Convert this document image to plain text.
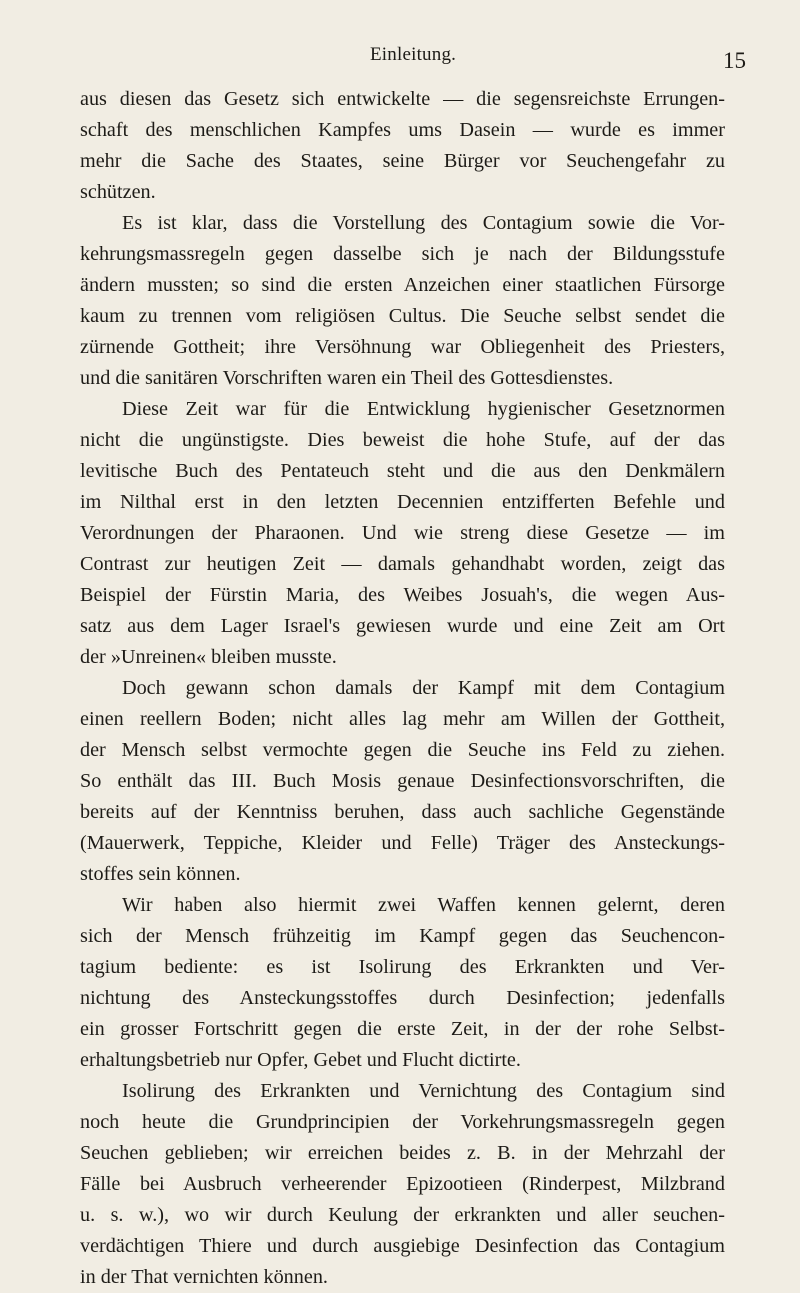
Einleitung.	15
aus diesen das Gesetz sich entwickelte — die segensreichste Errungen-
schaft des menschlichen Kampfes ums Dasein — wurde es immer
mehr die Sache des Staates, seine Bürger vor Seuchengefahr zu
schützen.
Es ist klar, dass die Vorstellung des Contagium sowie die Vor-
kehrungsmassregeln gegen dasselbe sich je nach der Bildungsstufe
ändern mussten; so sind die ersten Anzeichen einer staatlichen Fürsorge
kaum zu trennen vom religiösen Cultus. Die Seuche selbst sendet die
zürnende Gottheit; ihre Versöhnung war Obliegenheit des Priesters,
und die sanitären Vorschriften waren ein Theil des Gottesdienstes.
Diese Zeit war für die Entwicklung hygienischer Gesetznormen
nicht die ungünstigste. Dies beweist die hohe Stufe, auf der das
levitische Buch des Pentateuch steht und die aus den Denkmälern
im Nilthal erst in den letzten Decennien entzifferten Befehle und
Verordnungen der Pharaonen. Und wie streng diese Gesetze — im
Contrast zur heutigen Zeit — damals gehandhabt worden, zeigt das
Beispiel der Fürstin Maria, des Weibes Josuah's, die wegen Aus-
satz aus dem Lager Israel's gewiesen wurde und eine Zeit am Ort
der »Unreinen« bleiben musste.
Doch gewann schon damals der Kampf mit dem Contagium
einen reellern Boden; nicht alles lag mehr am Willen der Gottheit,
der Mensch selbst vermochte gegen die Seuche ins Feld zu ziehen.
So enthält das III. Buch Mosis genaue Desinfectionsvorschriften, die
bereits auf der Kenntniss beruhen, dass auch sachliche Gegenstände
(Mauerwerk, Teppiche, Kleider und Felle) Träger des Ansteckungs-
stoffes sein können.
Wir haben also hiermit zwei Waffen kennen gelernt, deren
sich der Mensch frühzeitig im Kampf gegen das Seuchencon-
tagium bediente: es ist Isolirung des Erkrankten und Ver-
nichtung des Ansteckungsstoffes durch Desinfection; jedenfalls
ein grosser Fortschritt gegen die erste Zeit, in der der rohe Selbst-
erhaltungsbetrieb nur Opfer, Gebet und Flucht dictirte.
Isolirung des Erkrankten und Vernichtung des Contagium sind
noch heute die Grundprincipien der Vorkehrungsmassregeln gegen
Seuchen geblieben; wir erreichen beides z. B. in der Mehrzahl der
Fälle bei Ausbruch verheerender Epizootieen (Rinderpest, Milzbrand
u. s. w.), wo wir durch Keulung der erkrankten und aller seuchen-
verdächtigen Thiere und durch ausgiebige Desinfection das Contagium
in der That vernichten können.
